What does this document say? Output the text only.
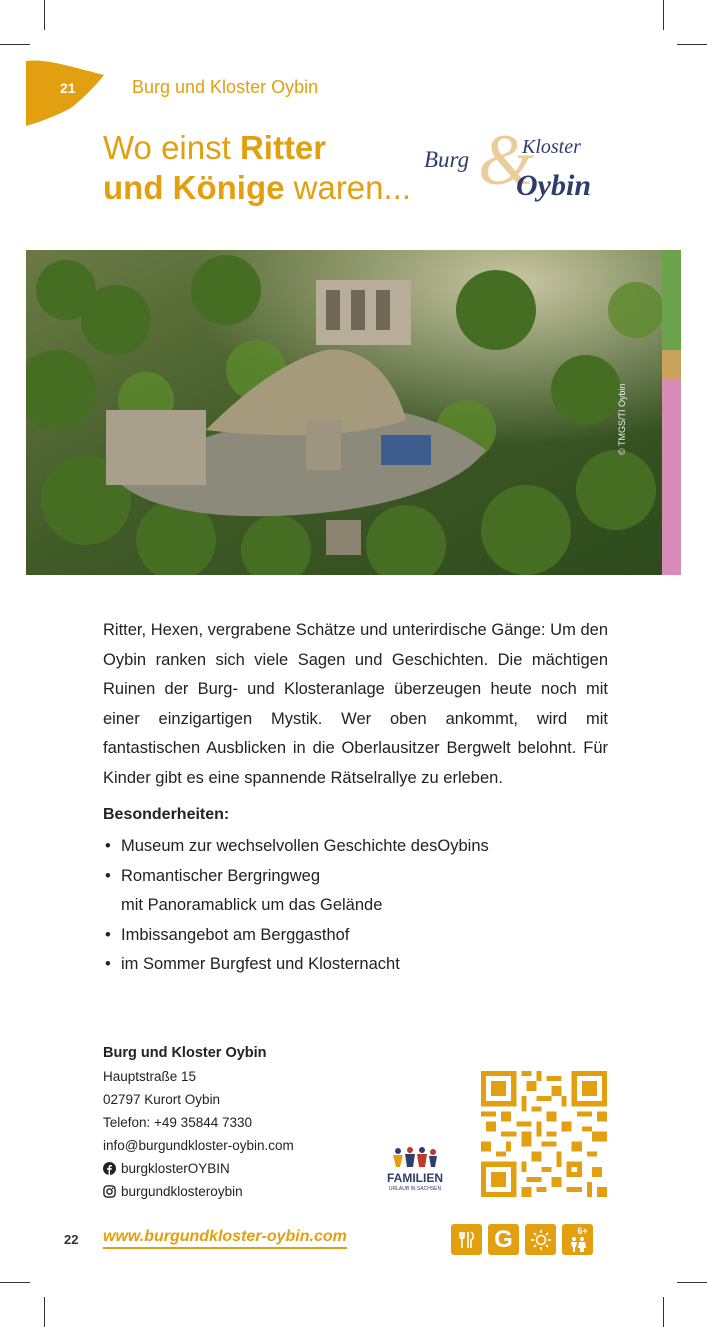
21	Burg und Kloster Oybin
Wo einst Ritter
und Könige waren... &
Burg	Kloster
Oybin
© TMGS/TI Oybin

Ritter, Hexen, vergrabene Schätze und unterirdische Gänge: Um den Oybin ranken sich viele Sagen und Geschichten. Die mächtigen Ruinen der Burg- und Klosteranlage überzeugen heute noch mit einer einzigartigen Mystik. Wer oben ankommt, wird mit fantastischen Ausblicken in die Oberlausitzer Bergwelt belohnt. Für Kinder gibt es eine spannende Rätselrallye zu erleben.

Besonderheiten:
• Museum zur wechselvollen Geschichte desOybins
• Romantischer Bergringweg
mit Panoramablick um das Gelände
• Imbissangebot am Berggasthof
• im Sommer Burgfest und Klosternacht
Burg und Kloster Oybin
Hauptstraße 15
02797 Kurort Oybin
Telefon: +49 35844 7330
info@burgundkloster-oybin.com
burgklosterOYBIN
burgundklosteroybin
FAMILIEN
URLAUB IN SACHSEN
22 www.burgundkloster-oybin.com	G	6+
